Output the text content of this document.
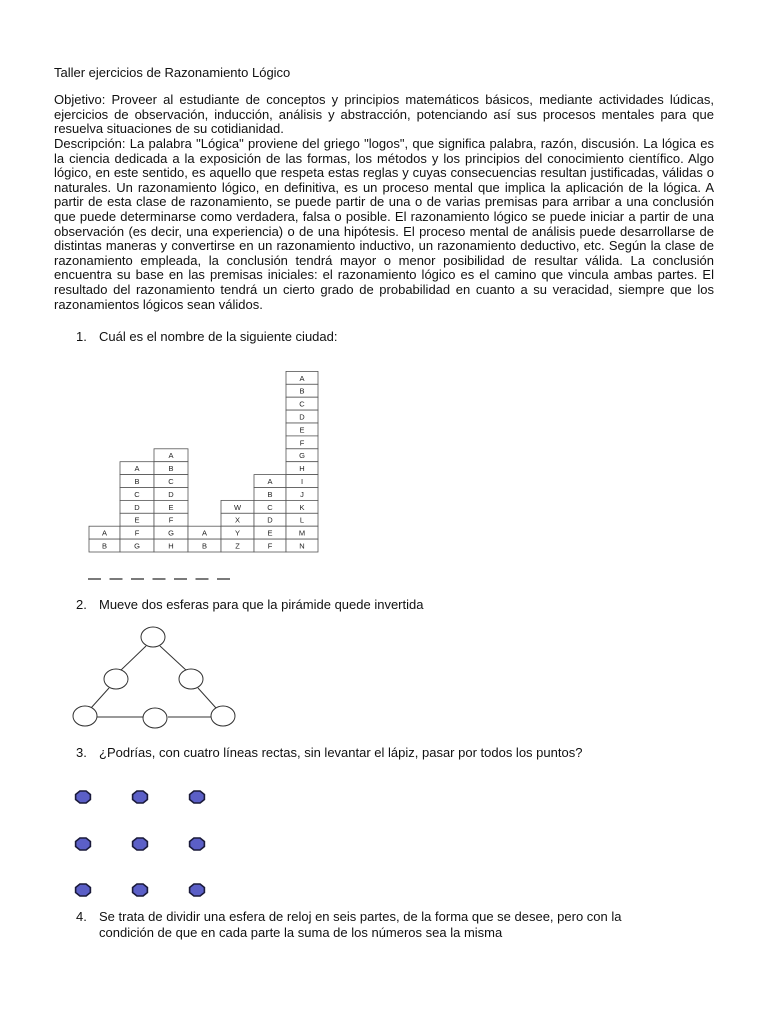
Taller ejercicios de Razonamiento Lógico

Objetivo: Proveer al estudiante de conceptos y principios matemáticos básicos, mediante actividades lúdicas, ejercicios de observación, inducción, análisis y abstracción, potenciando así sus procesos mentales para que resuelva situaciones de su cotidianidad.

Descripción: La palabra "Lógica" proviene del griego "logos", que significa palabra, razón, discusión. La lógica es la ciencia dedicada a la exposición de las formas, los métodos y los principios del conocimiento científico. Algo lógico, en este sentido, es aquello que respeta estas reglas y cuyas consecuencias resultan justificadas, válidas o naturales. Un razonamiento lógico, en definitiva, es un proceso mental que implica la aplicación de la lógica. A partir de esta clase de razonamiento, se puede partir de una o de varias premisas para arribar a una conclusión que puede determinarse como verdadera, falsa o posible. El razonamiento lógico se puede iniciar a partir de una observación (es decir, una experiencia) o de una hipótesis. El proceso mental de análisis puede desarrollarse de distintas maneras y convertirse en un razonamiento inductivo, un razonamiento deductivo, etc. Según la clase de razonamiento empleada, la conclusión tendrá mayor o menor posibilidad de resultar válida. La conclusión encuentra su base en las premisas iniciales: el razonamiento lógico es el camino que vincula ambas partes. El resultado del razonamiento tendrá un cierto grado de probabilidad en cuanto a su veracidad, siempre que los razonamientos lógicos sean válidos.

1. Cuál es el nombre de la siguiente ciudad:
A
B
A
B
C
D
E
F
G
A
B
C
D
E
F
G
H
A
B
W
X
Y
Z
A
B
C
D
E
F
A
B
C
D
E
F
G
H
I
J
K
L
M
N
2. Mueve dos esferas para que la pirámide quede invertida
3. ¿Podrías, con cuatro líneas rectas, sin levantar el lápiz, pasar por todos los puntos?
4. Se trata de dividir una esfera de reloj en seis partes, de la forma que se desee, pero con la condición de que en cada parte la suma de los números sea la misma
